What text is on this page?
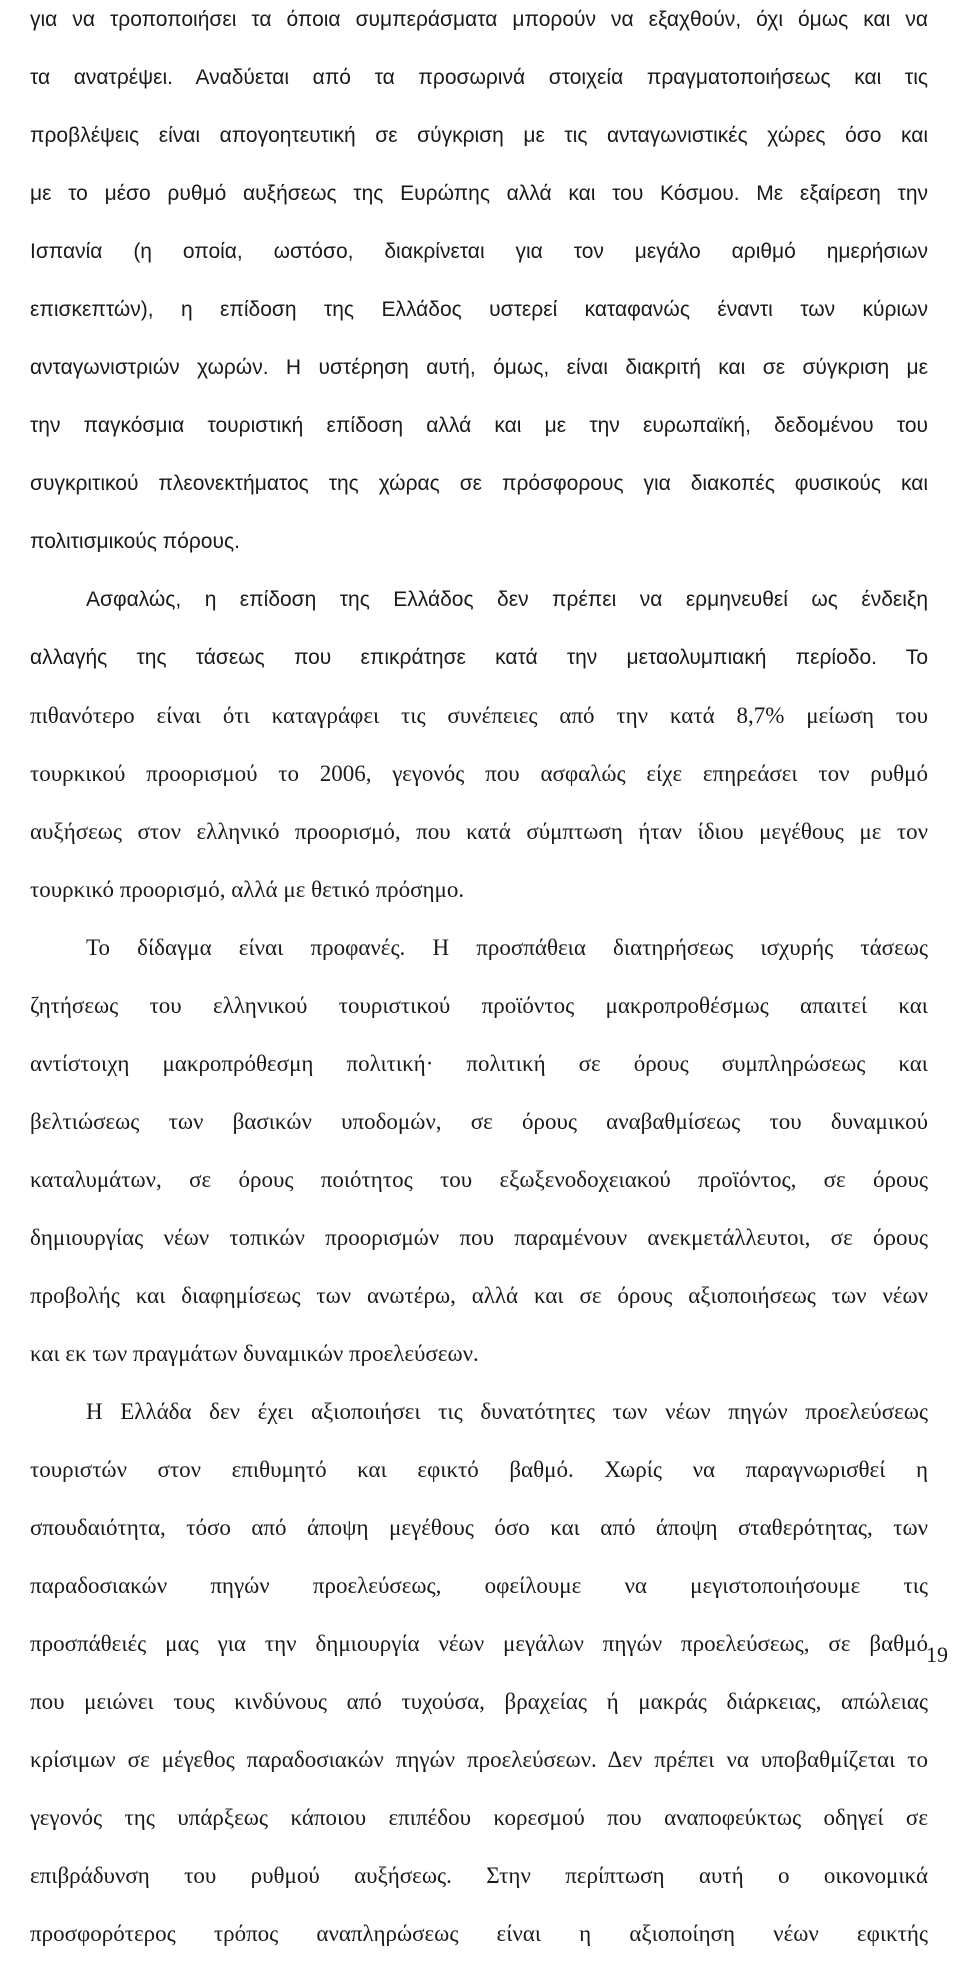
για να τροποποιήσει τα όποια συμπεράσματα μπορούν να εξαχθούν, όχι όμως και να
τα ανατρέψει. Αναδύεται από τα προσωρινά στοιχεία πραγματοποιήσεως και τις
προβλέψεις είναι απογοητευτική σε σύγκριση με τις ανταγωνιστικές χώρες όσο και
με το μέσο ρυθμό αυξήσεως της Ευρώπης αλλά και του Κόσμου. Με εξαίρεση την
Ισπανία (η οποία, ωστόσο, διακρίνεται για τον μεγάλο αριθμό ημερήσιων
επισκεπτών), η επίδοση της Ελλάδος υστερεί καταφανώς έναντι των κύριων
ανταγωνιστριών χωρών. Η υστέρηση αυτή, όμως, είναι διακριτή και σε σύγκριση με
την παγκόσμια τουριστική επίδοση αλλά και με την ευρωπαϊκή, δεδομένου του
συγκριτικού πλεονεκτήματος της χώρας σε πρόσφορους για διακοπές φυσικούς και
πολιτισμικούς πόρους.
Ασφαλώς, η επίδοση της Ελλάδος δεν πρέπει να ερμηνευθεί ως ένδειξη
αλλαγής της τάσεως που επικράτησε κατά την μεταολυμπιακή περίοδο. Το
πιθανότερο είναι ότι καταγράφει τις συνέπειες από την κατά 8,7% μείωση του
τουρκικού προορισμού το 2006, γεγονός που ασφαλώς είχε επηρεάσει τον ρυθμό
αυξήσεως στον ελληνικό προορισμό, που κατά σύμπτωση ήταν ίδιου μεγέθους με τον
τουρκικό προορισμό, αλλά με θετικό πρόσημο.
Το δίδαγμα είναι προφανές. Η προσπάθεια διατηρήσεως ισχυρής τάσεως
ζητήσεως του ελληνικού τουριστικού προϊόντος μακροπροθέσμως απαιτεί και
αντίστοιχη μακροπρόθεσμη πολιτική· πολιτική σε όρους συμπληρώσεως και
βελτιώσεως των βασικών υποδομών, σε όρους αναβαθμίσεως του δυναμικού
καταλυμάτων, σε όρους ποιότητος του εξωξενοδοχειακού προϊόντος, σε όρους
δημιουργίας νέων τοπικών προορισμών που παραμένουν ανεκμετάλλευτοι, σε όρους
προβολής και διαφημίσεως των ανωτέρω, αλλά και σε όρους αξιοποιήσεως των νέων
και εκ των πραγμάτων δυναμικών προελεύσεων.
Η Ελλάδα δεν έχει αξιοποιήσει τις δυνατότητες των νέων πηγών προελεύσεως
τουριστών στον επιθυμητό και εφικτό βαθμό. Χωρίς να παραγνωρισθεί η
σπουδαιότητα, τόσο από άποψη μεγέθους όσο και από άποψη σταθερότητας, των
παραδοσιακών πηγών προελεύσεως, οφείλουμε να μεγιστοποιήσουμε τις
προσπάθειές μας για την δημιουργία νέων μεγάλων πηγών προελεύσεως, σε βαθμό
που μειώνει τους κινδύνους από τυχούσα, βραχείας ή μακράς διάρκειας, απώλειας
κρίσιμων σε μέγεθος παραδοσιακών πηγών προελεύσεων. Δεν πρέπει να υποβαθμίζεται το
γεγονός της υπάρξεως κάποιου επιπέδου κορεσμού που αναποφεύκτως οδηγεί σε
επιβράδυνση του ρυθμού αυξήσεως. Στην περίπτωση αυτή ο οικονομικά
προσφορότερος τρόπος αναπληρώσεως είναι η αξιοποίηση νέων εφικτής
19
